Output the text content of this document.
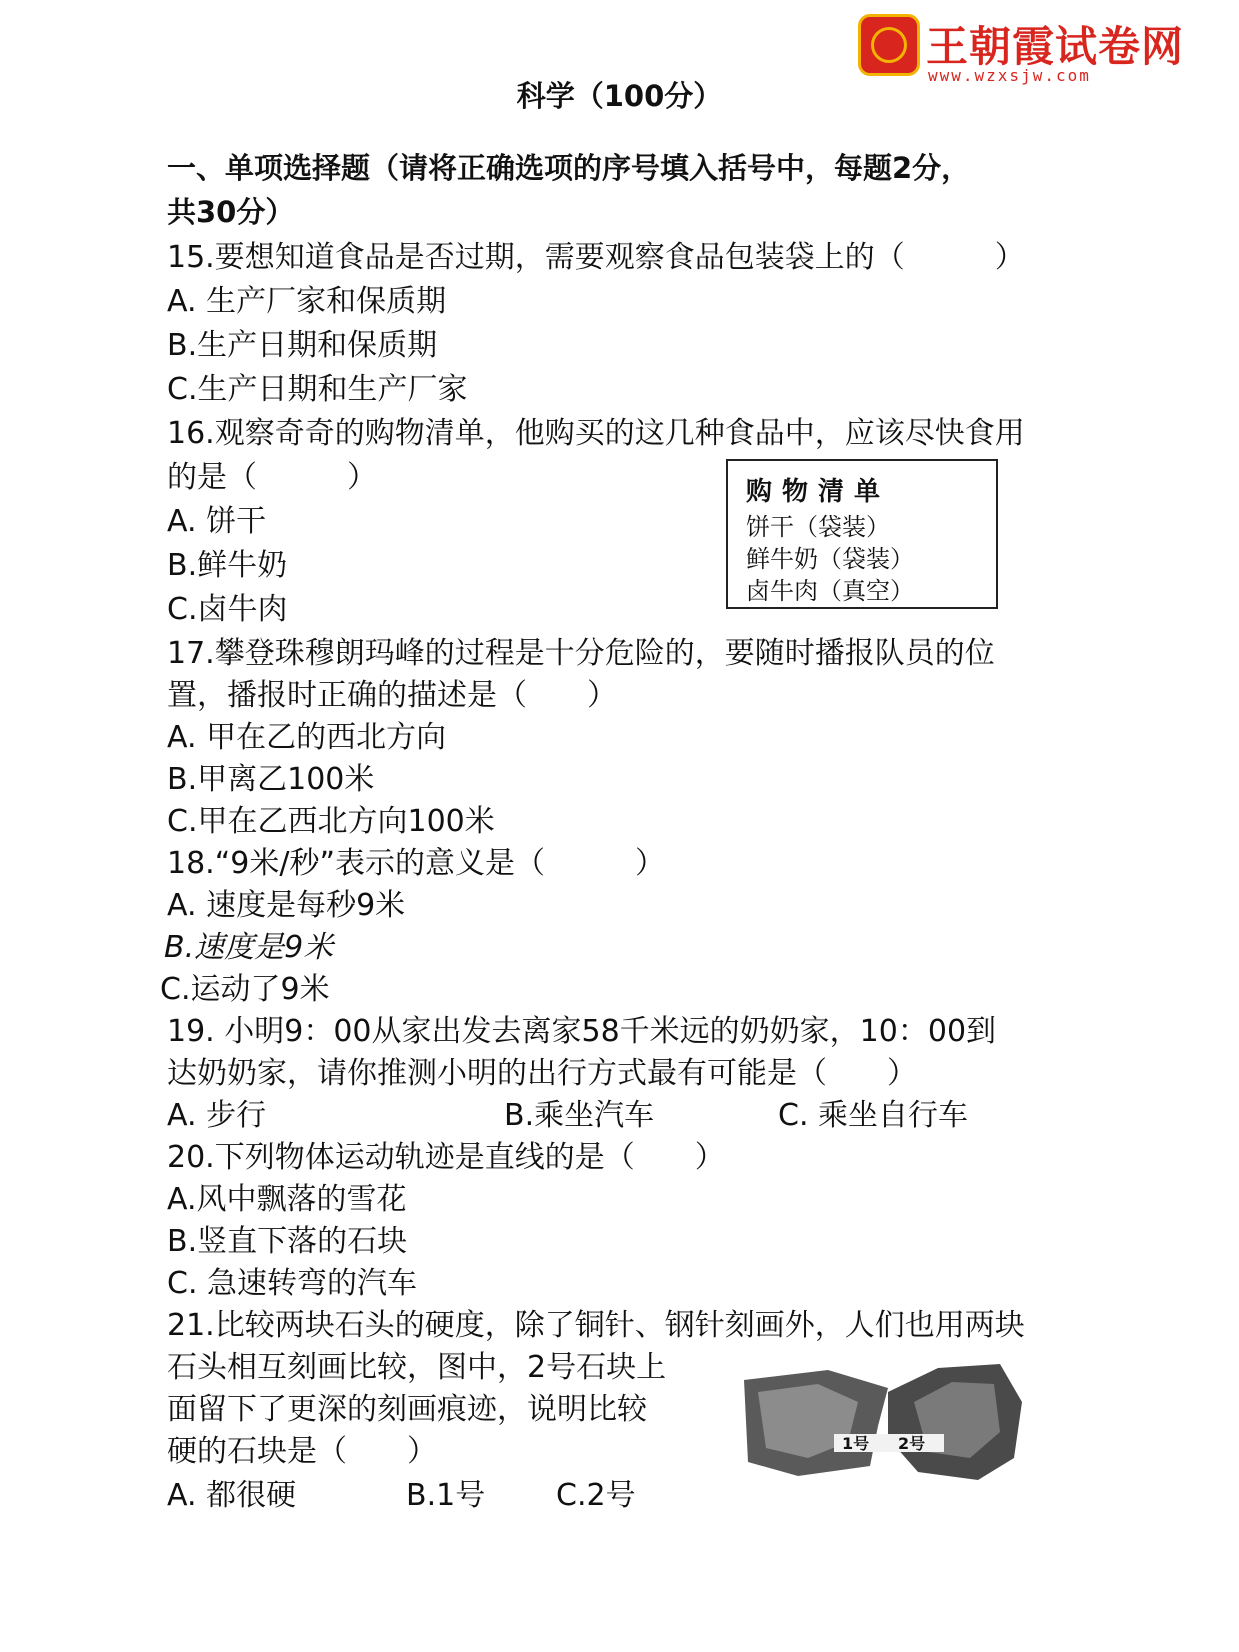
王朝霞试卷网
www.wzxsjw.com
科学（100分）
一、单项选择题（请将正确选项的序号填入括号中，每题2分，
共30分）
15.要想知道食品是否过期，需要观察食品包装袋上的（　　　）
A. 生产厂家和保质期
B.生产日期和保质期
C.生产日期和生产厂家
16.观察奇奇的购物清单，他购买的这几种食品中，应该尽快食用
的是（　　　）
A. 饼干
B.鲜牛奶
C.卤牛肉
购物清单
饼干（袋装）
鲜牛奶（袋装）
卤牛肉（真空）
17.攀登珠穆朗玛峰的过程是十分危险的，要随时播报队员的位
置，播报时正确的描述是（　　）
A. 甲在乙的西北方向
B.甲离乙100米
C.甲在乙西北方向100米
18.“9米/秒”表示的意义是（　　　）
A. 速度是每秒9米
B.速度是9米
C.运动了9米
19. 小明9：00从家出发去离家58千米远的奶奶家，10：00到
达奶奶家，请你推测小明的出行方式最有可能是（　　）
A. 步行	B.乘坐汽车	C. 乘坐自行车
20.下列物体运动轨迹是直线的是（　　）
A.风中飘落的雪花
B.竖直下落的石块
C. 急速转弯的汽车
21.比较两块石头的硬度，除了铜针、钢针刻画外，人们也用两块
石头相互刻画比较，图中，2号石块上
面留下了更深的刻画痕迹，说明比较
硬的石块是（　　）
A. 都很硬	B.1号 C.2号
1号 2号
